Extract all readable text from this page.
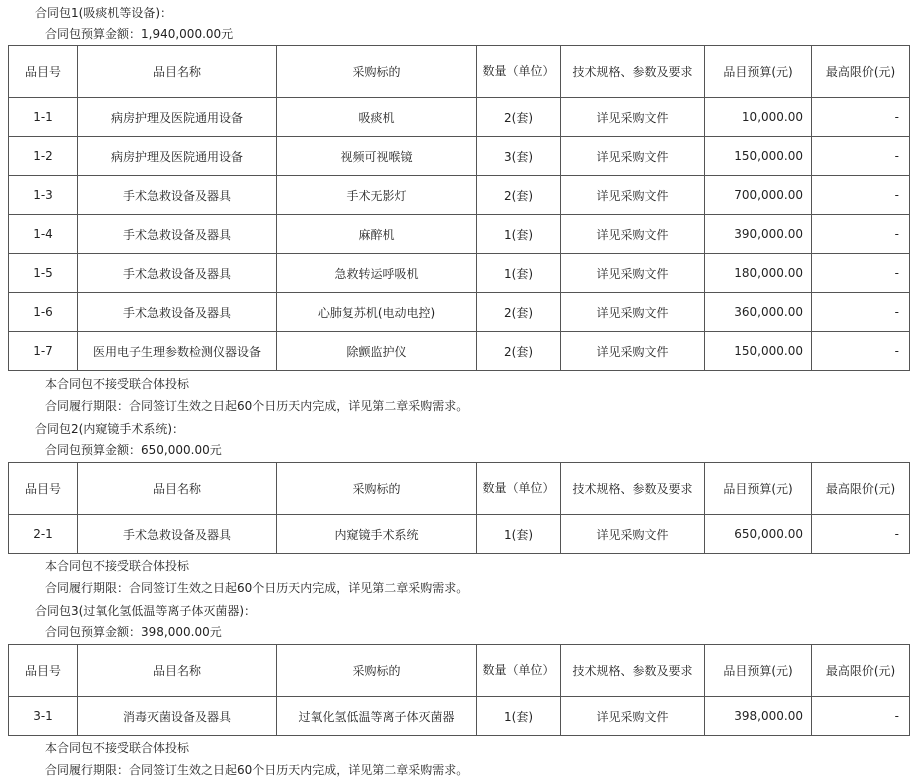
合同包1(吸痰机等设备)：
合同包预算金额：1,940,000.00元
品目号	品目名称	采购标的	数量（单位）	技术规格、参数及要求	品目预算(元)	最高限价(元)
1-1	病房护理及医院通用设备	吸痰机	2(套)	详见采购文件	10,000.00	-
1-2	病房护理及医院通用设备	视频可视喉镜	3(套)	详见采购文件	150,000.00	-
1-3	手术急救设备及器具	手术无影灯	2(套)	详见采购文件	700,000.00	-
1-4	手术急救设备及器具	麻醉机	1(套)	详见采购文件	390,000.00	-
1-5	手术急救设备及器具	急救转运呼吸机	1(套)	详见采购文件	180,000.00	-
1-6	手术急救设备及器具	心肺复苏机(电动电控)	2(套)	详见采购文件	360,000.00	-
1-7	医用电子生理参数检测仪器设备	除颤监护仪	2(套)	详见采购文件	150,000.00	-
本合同包不接受联合体投标
合同履行期限：合同签订生效之日起60个日历天内完成，详见第二章采购需求。
合同包2(内窥镜手术系统)：
合同包预算金额：650,000.00元
品目号	品目名称	采购标的	数量（单位）	技术规格、参数及要求	品目预算(元)	最高限价(元)
2-1	手术急救设备及器具	内窥镜手术系统	1(套)	详见采购文件	650,000.00	-
本合同包不接受联合体投标
合同履行期限：合同签订生效之日起60个日历天内完成，详见第二章采购需求。
合同包3(过氧化氢低温等离子体灭菌器)：
合同包预算金额：398,000.00元
品目号	品目名称	采购标的	数量（单位）	技术规格、参数及要求	品目预算(元)	最高限价(元)
3-1	消毒灭菌设备及器具	过氧化氢低温等离子体灭菌器	1(套)	详见采购文件	398,000.00	-
本合同包不接受联合体投标
合同履行期限：合同签订生效之日起60个日历天内完成，详见第二章采购需求。
